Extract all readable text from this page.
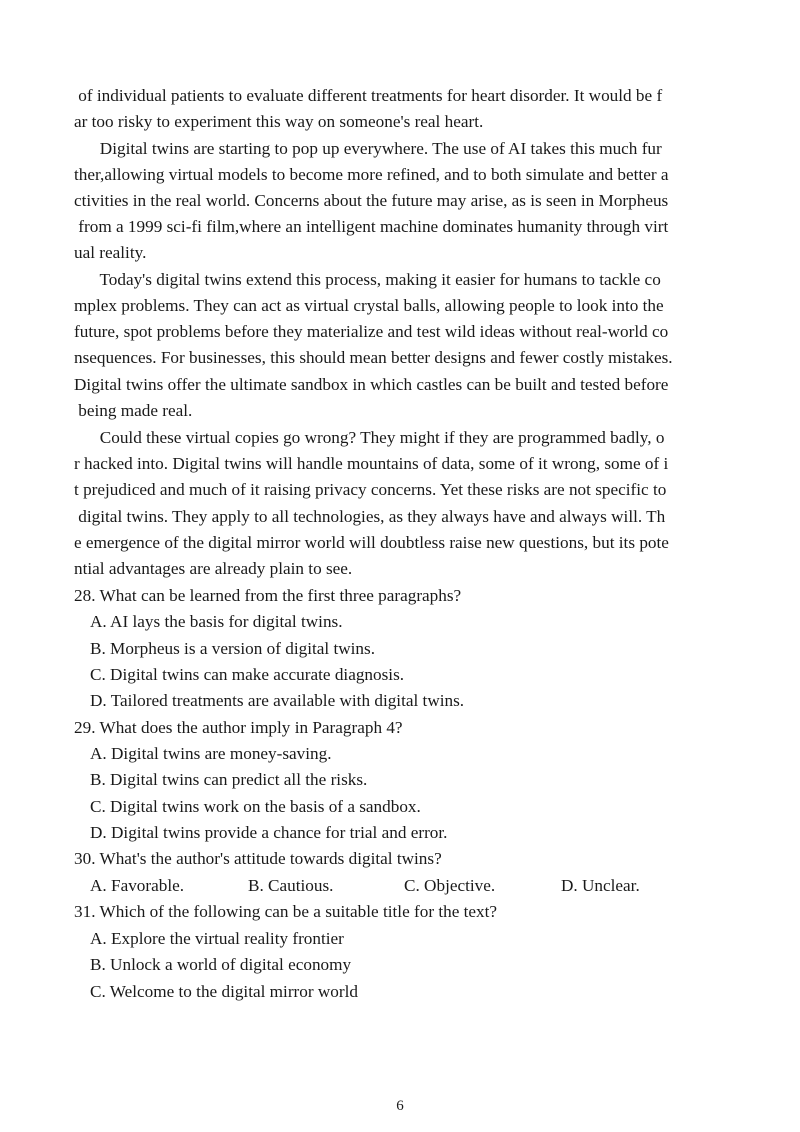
of individual patients to evaluate different treatments for heart disorder. It would be f
ar too risky to experiment this way on someone's real heart.
Digital twins are starting to pop up everywhere. The use of AI takes this much fur
ther,allowing virtual models to become more refined, and to both simulate and better a
ctivities in the real world. Concerns about the future may arise, as is seen in Morpheus
from a 1999 sci-fi film,where an intelligent machine dominates humanity through virt
ual reality.
Today's digital twins extend this process, making it easier for humans to tackle co
mplex problems. They can act as virtual crystal balls, allowing people to look into the
future, spot problems before they materialize and test wild ideas without real-world co
nsequences. For businesses, this should mean better designs and fewer costly mistakes.
Digital twins offer the ultimate sandbox in which castles can be built and tested before
being made real.
Could these virtual copies go wrong? They might if they are programmed badly, o
r hacked into. Digital twins will handle mountains of data, some of it wrong, some of i
t prejudiced and much of it raising privacy concerns. Yet these risks are not specific to
digital twins. They apply to all technologies, as they always have and always will. Th
e emergence of the digital mirror world will doubtless raise new questions, but its pote
ntial advantages are already plain to see.
28. What can be learned from the first three paragraphs?
A. AI lays the basis for digital twins.
B. Morpheus is a version of digital twins.
C. Digital twins can make accurate diagnosis.
D. Tailored treatments are available with digital twins.
29. What does the author imply in Paragraph 4?
A. Digital twins are money-saving.
B. Digital twins can predict all the risks.
C. Digital twins work on the basis of a sandbox.
D. Digital twins provide a chance for trial and error.
30. What's the author's attitude towards digital twins?
A. Favorable.	B. Cautious.	C. Objective.	D. Unclear.
31. Which of the following can be a suitable title for the text?
A. Explore the virtual reality frontier
B. Unlock a world of digital economy
C. Welcome to the digital mirror world
6
